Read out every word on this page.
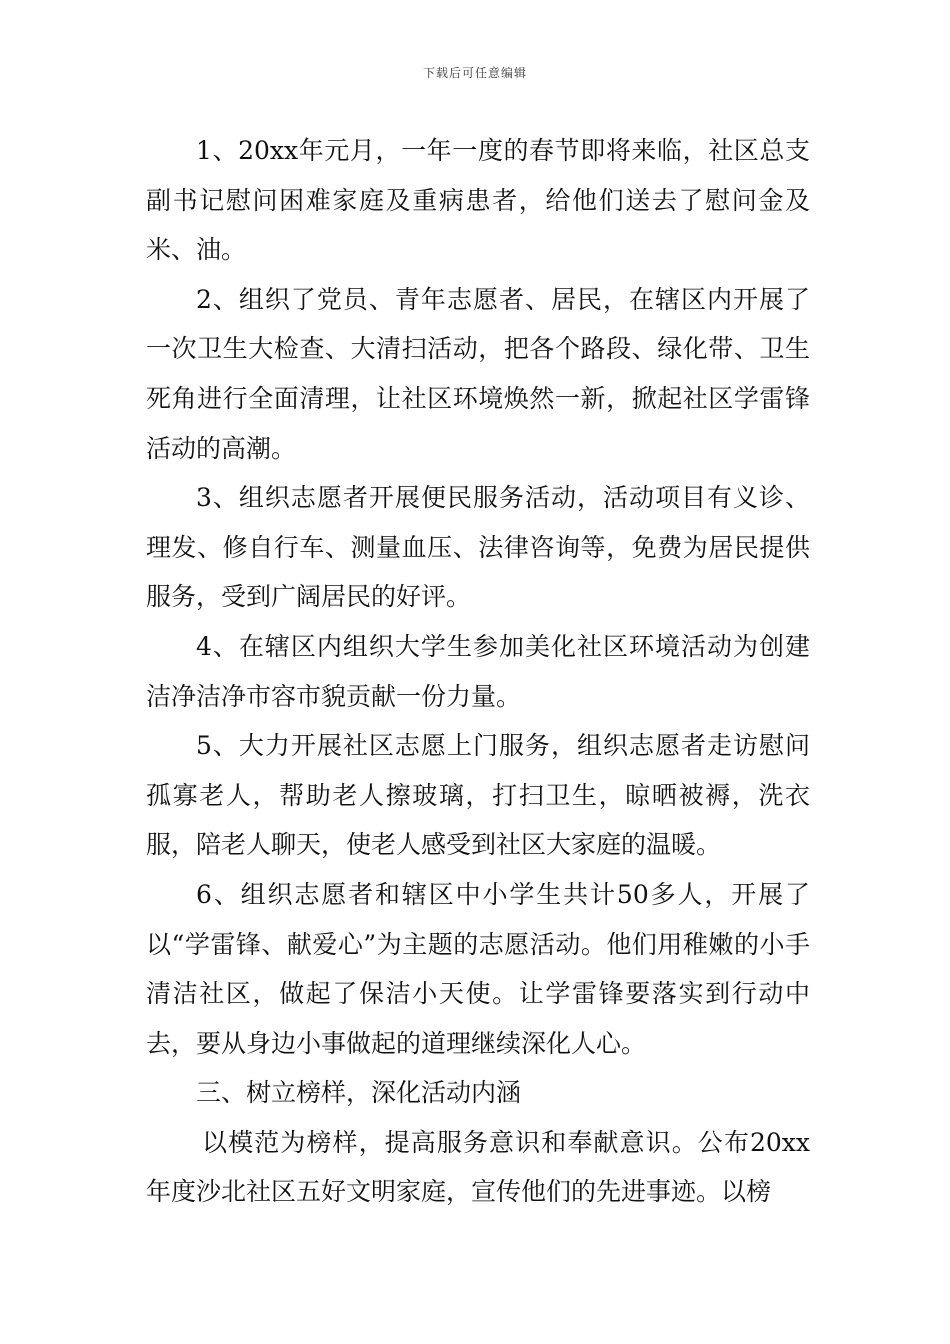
下载后可任意编辑

1、20xx年元月，一年一度的春节即将来临，社区总支副书记慰问困难家庭及重病患者，给他们送去了慰问金及米、油。

2、组织了党员、青年志愿者、居民，在辖区内开展了一次卫生大检查、大清扫活动，把各个路段、绿化带、卫生死角进行全面清理，让社区环境焕然一新，掀起社区学雷锋活动的高潮。

3、组织志愿者开展便民服务活动，活动项目有义诊、理发、修自行车、测量血压、法律咨询等，免费为居民提供服务，受到广阔居民的好评。

4、在辖区内组织大学生参加美化社区环境活动为创建洁净洁净市容市貌贡献一份力量。

5、大力开展社区志愿上门服务，组织志愿者走访慰问孤寡老人，帮助老人擦玻璃，打扫卫生，晾晒被褥，洗衣服，陪老人聊天，使老人感受到社区大家庭的温暖。

6、组织志愿者和辖区中小学生共计50多人，开展了以“学雷锋、献爱心”为主题的志愿活动。他们用稚嫩的小手清洁社区，做起了保洁小天使。让学雷锋要落实到行动中去，要从身边小事做起的道理继续深化人心。

三、树立榜样，深化活动内涵

以模范为榜样，提高服务意识和奉献意识。公布20xx年度沙北社区五好文明家庭，宣传他们的先进事迹。以榜
